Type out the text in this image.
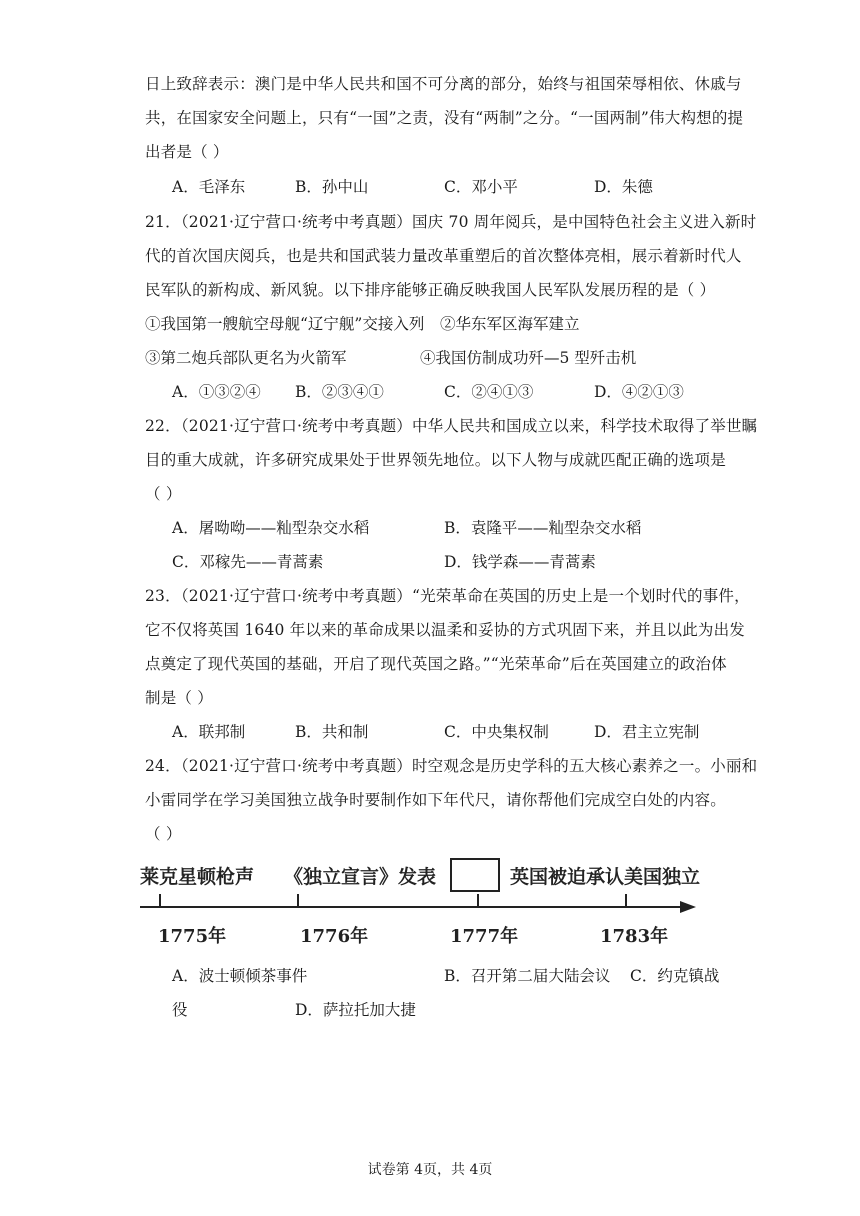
日上致辞表示：澳门是中华人民共和国不可分离的部分，始终与祖国荣辱相依、休戚与
共，在国家安全问题上，只有“一国”之责，没有“两制”之分。“一国两制”伟大构想的提
出者是（ ）
A．毛泽东	B．孙中山	C．邓小平	D．朱德
21．（2021·辽宁营口·统考中考真题）国庆 70 周年阅兵，是中国特色社会主义进入新时
代的首次国庆阅兵，也是共和国武装力量改革重塑后的首次整体亮相，展示着新时代人
民军队的新构成、新风貌。以下排序能够正确反映我国人民军队发展历程的是（ ）
①我国第一艘航空母舰“辽宁舰”交接入列 ②华东军区海军建立
③第二炮兵部队更名为火箭军	④我国仿制成功歼—5 型歼击机
A．①③②④ B．②③④①	C．②④①③	D．④②①③
22．（2021·辽宁营口·统考中考真题）中华人民共和国成立以来，科学技术取得了举世瞩
目的重大成就，许多研究成果处于世界领先地位。以下人物与成就匹配正确的选项是
（ ）
A．屠呦呦——籼型杂交水稻	B．袁隆平——籼型杂交水稻
C．邓稼先——青蒿素	D．钱学森——青蒿素
23．（2021·辽宁营口·统考中考真题）“光荣革命在英国的历史上是一个划时代的事件，
它不仅将英国 1640 年以来的革命成果以温柔和妥协的方式巩固下来，并且以此为出发
点奠定了现代英国的基础，开启了现代英国之路。”“光荣革命”后在英国建立的政治体
制是（ ）
A．联邦制	B．共和制	C．中央集权制	D．君主立宪制
24．（2021·辽宁营口·统考中考真题）时空观念是历史学科的五大核心素养之一。小丽和
小雷同学在学习美国独立战争时要制作如下年代尺，请你帮他们完成空白处的内容。
（ ）
莱克星顿枪声 《独立宣言》发表	英国被迫承认美国独立
1775年	1776年	1777年	1783年
A．波士顿倾茶事件	B．召开第二届大陆会议 C．约克镇战
役	D．萨拉托加大捷
试卷第 4页，共 4页
